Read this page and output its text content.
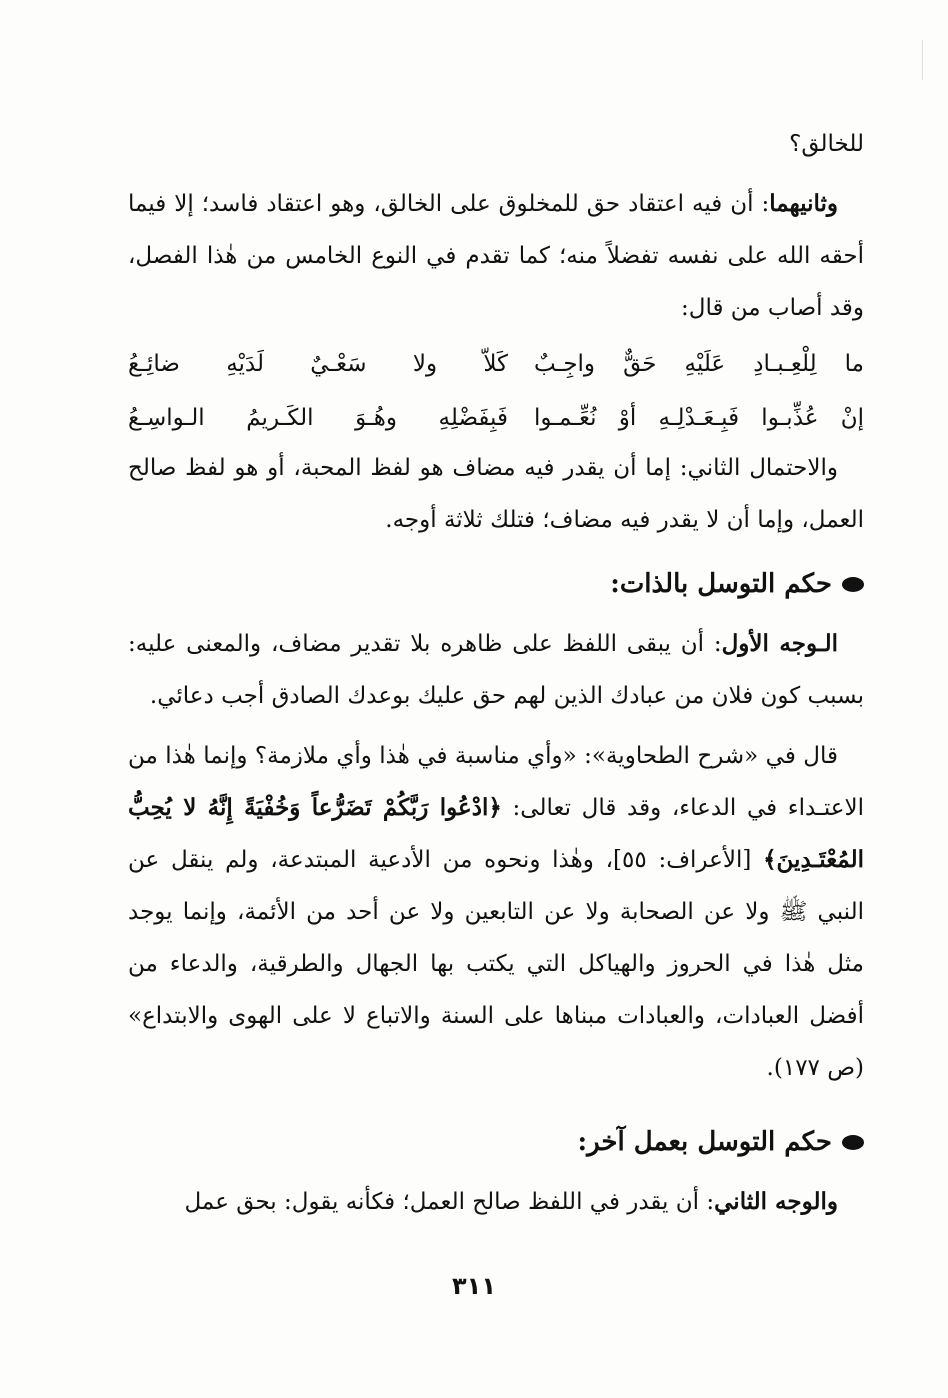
للخالق؟

وثانيهما: أن فيه اعتقاد حق للمخلوق على الخالق، وهو اعتقاد فاسد؛ إلا فيما أحقه الله على نفسه تفضلاً منه؛ كما تقدم في النوع الخامس من هٰذا الفصل، وقد أصاب من قال:

ما لِلْعِـبـادِ عَلَيْهِ حَقٌّ واجِـبٌ
كَلاّ ولا سَعْـيٌ لَدَيْهِ ضائِـعُ
إنْ عُذِّبـوا فَبِـعَـدْلِـهِ أوْ نُعِّـمـوا
فَبِفَضْلِهِ وهُـوَ الكَـريمُ الـواسِـعُ

والاحتمال الثاني: إما أن يقدر فيه مضاف هو لفظ المحبة، أو هو لفظ صالح العمل، وإما أن لا يقدر فيه مضاف؛ فتلك ثلاثة أوجه.

حكم التوسل بالذات:

الـوجه الأول: أن يبقى اللفظ على ظاهره بلا تقدير مضاف، والمعنى عليه: بسبب كون فلان من عبادك الذين لهم حق عليك بوعدك الصادق أجب دعائي.

قال في «شرح الطحاوية»: «وأي مناسبة في هٰذا وأي ملازمة؟ وإنما هٰذا من الاعتـداء في الدعاء، وقد قال تعالى: ﴿ادْعُوا رَبَّكُمْ تَضَرُّعاً وَخُفْيَةً إِنَّهُ لا يُحِبُّ المُعْتَـدِينَ﴾ [الأعراف: ٥٥]، وهٰذا ونحوه من الأدعية المبتدعة، ولم ينقل عن النبي ﷺ ولا عن الصحابة ولا عن التابعين ولا عن أحد من الأئمة، وإنما يوجد مثل هٰذا في الحروز والهياكل التي يكتب بها الجهال والطرقية، والدعاء من أفضل العبادات، والعبادات مبناها على السنة والاتباع لا على الهوى والابتداع» (ص ١٧٧).

حكم التوسل بعمل آخر:

والوجه الثاني: أن يقدر في اللفظ صالح العمل؛ فكأنه يقول: بحق عمل

٣١١
